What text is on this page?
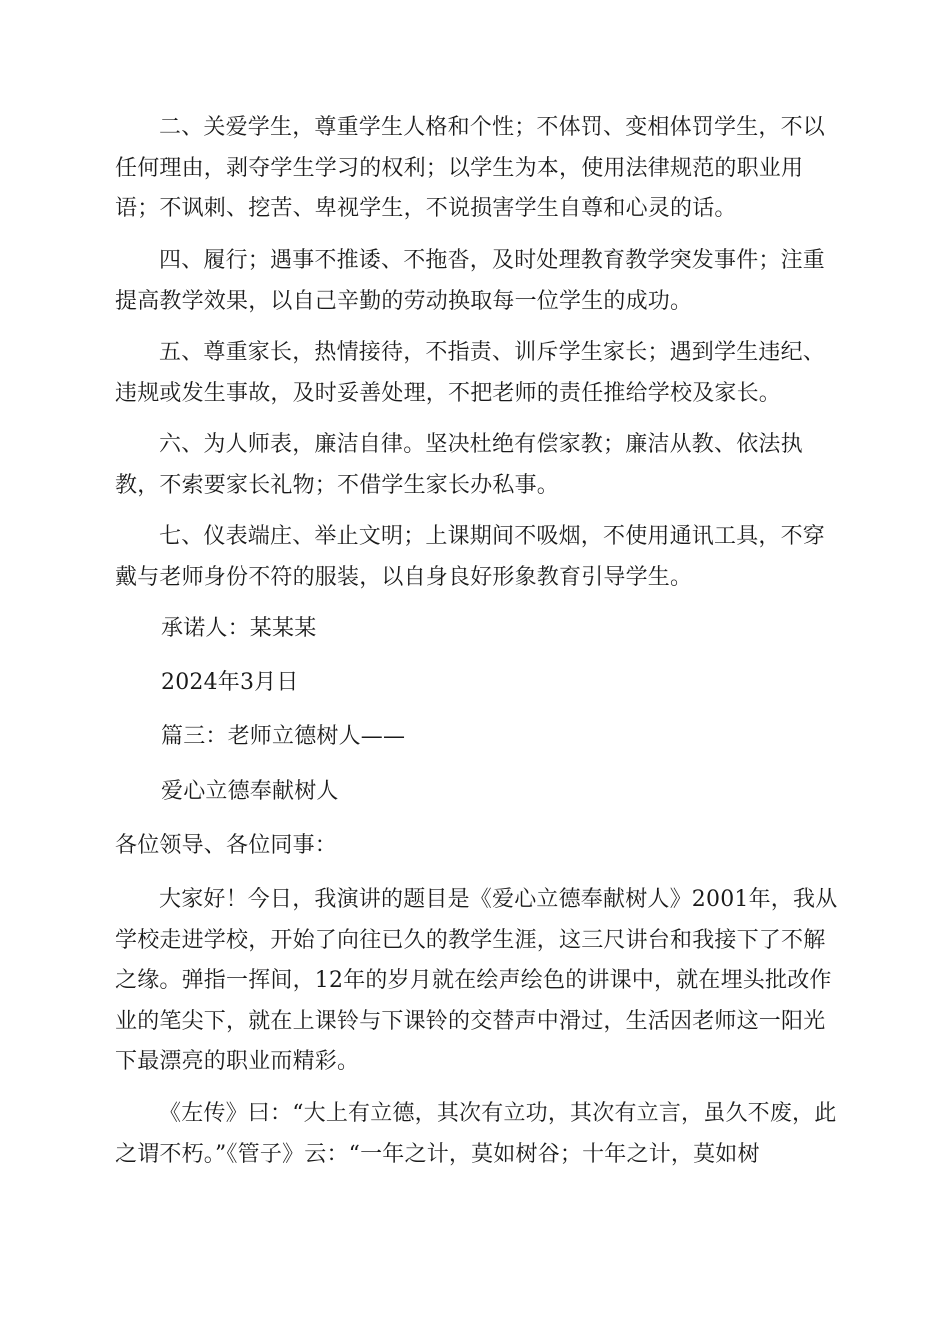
二、关爱学生，尊重学生人格和个性；不体罚、变相体罚学生，不以任何理由，剥夺学生学习的权利；以学生为本，使用法律规范的职业用语；不讽刺、挖苦、卑视学生，不说损害学生自尊和心灵的话。

四、履行；遇事不推诿、不拖沓，及时处理教育教学突发事件；注重提高教学效果，以自己辛勤的劳动换取每一位学生的成功。

五、尊重家长，热情接待，不指责、训斥学生家长；遇到学生违纪、违规或发生事故，及时妥善处理，不把老师的责任推给学校及家长。

六、为人师表，廉洁自律。坚决杜绝有偿家教；廉洁从教、依法执教，不索要家长礼物；不借学生家长办私事。

七、仪表端庄、举止文明；上课期间不吸烟，不使用通讯工具，不穿戴与老师身份不符的服装，以自身良好形象教育引导学生。

承诺人：某某某

2024年3月日

篇三：老师立德树人——

爱心立德奉献树人

各位领导、各位同事：

大家好！今日，我演讲的题目是《爱心立德奉献树人》2001年，我从学校走进学校，开始了向往已久的教学生涯，这三尺讲台和我接下了不解之缘。弹指一挥间，12年的岁月就在绘声绘色的讲课中，就在埋头批改作业的笔尖下，就在上课铃与下课铃的交替声中滑过，生活因老师这一阳光下最漂亮的职业而精彩。

《左传》曰：“大上有立德，其次有立功，其次有立言，虽久不废，此之谓不朽。”《管子》云：“一年之计，莫如树谷；十年之计，莫如树
